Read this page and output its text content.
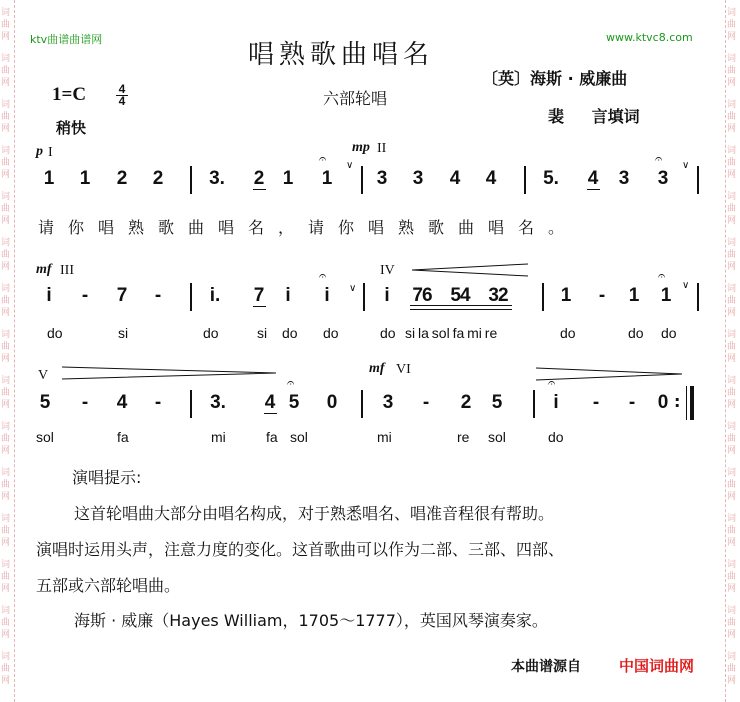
词
曲
网
词
曲
网
词
曲
网
词
曲
网
词
曲
网
词
曲
网
词
曲
网
词
曲
网
词
曲
网
词
曲
网
词
曲
网
词
曲
网
词
曲
网
词
曲
网
词
曲
网
词
曲
网
词
曲
网
词
曲
网
词
曲
网
词
曲
网
词
曲
网
词
曲
网
词
曲
网
词
曲
网
词
曲
网
词
曲
网
词
曲
网
词
曲
网
词
曲
网
词
曲
网
ktv曲谱曲谱网	www.ktvc8.com
唱熟歌曲唱名
六部轮唱
1=C	4
4
稍快
〔英〕海斯 · 威廉曲
裴 言填词
p I	mp II
1 1 2 2 3. 2 1 1
𝄐 ∨
3 3 4 4 5. 4 3 3
𝄐 ∨
请你唱熟歌曲唱名，请你唱熟歌曲唱名。
mf III	IV
i - 7 -	i.	7 i i
𝄐
∨ i 76 54 32	1 - 1 1
𝄐
∨
do	si	do	si do do	do si la sol fa mi re	do	do do
V	mf VI
5 - 4 -	3. 4 5
𝄐
0 3 - 2 5	i
𝄐
- - 0 :
sol	fa	mi	fa sol	mi	re sol	do
演唱提示:
这首轮唱曲大部分由唱名构成，对于熟悉唱名、唱准音程很有帮助。
演唱时运用头声，注意力度的变化。这首歌曲可以作为二部、三部、四部、
五部或六部轮唱曲。
海斯 · 威廉（Hayes William，1705～1777），英国风琴演奏家。
本曲谱源自	中国词曲网
